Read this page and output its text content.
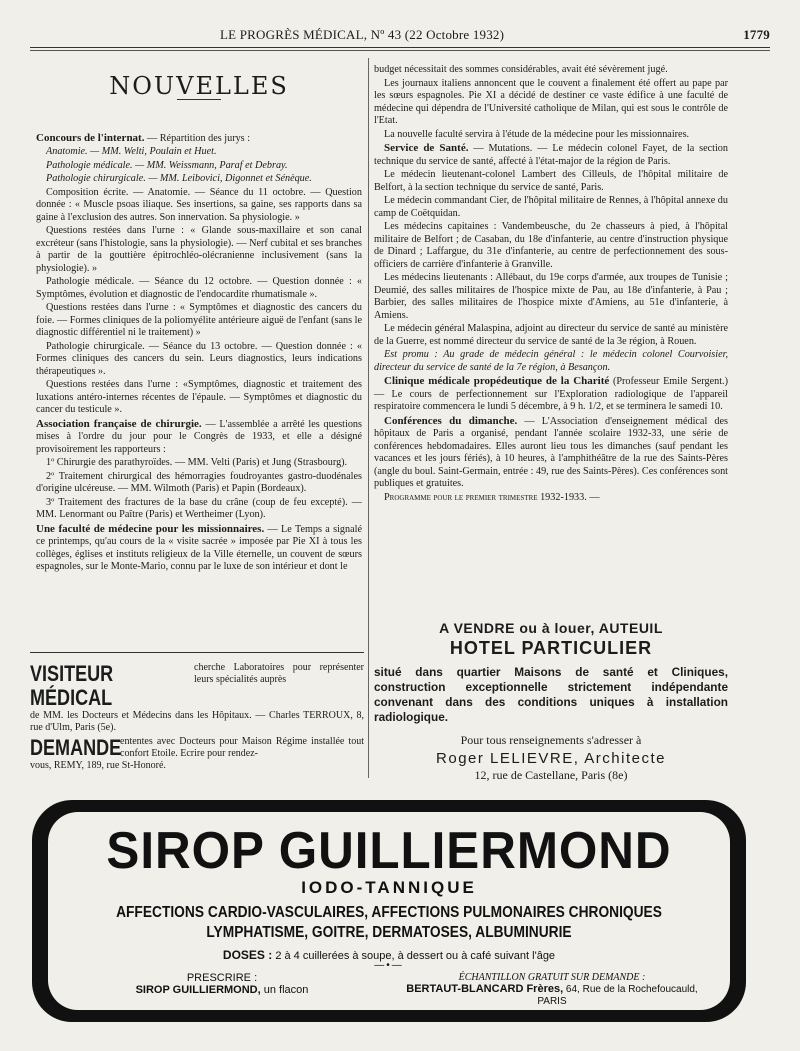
LE PROGRÈS MÉDICAL, Nº 43 (22 Octobre 1932)	1779
NOUVELLES

Concours de l'internat. — Répartition des jurys :

Anatomie. — MM. Welti, Poulain et Huet.

Pathologie médicale. — MM. Weissmann, Paraf et Debray.

Pathologie chirurgicale. — MM. Leibovici, Digonnet et Sénèque.

Composition écrite. — Anatomie. — Séance du 11 octobre. — Question donnée : « Muscle psoas iliaque. Ses insertions, sa gaine, ses rapports dans sa gaine à l'exclusion des autres. Son innervation. Sa physiologie. »

Questions restées dans l'urne : « Glande sous-maxillaire et son canal excréteur (sans l'histologie, sans la physiologie). — Nerf cubital et ses branches à partir de la gouttière épitrochléo-olécranienne inclusivement (sans la physiologie). »

Pathologie médicale. — Séance du 12 octobre. — Question donnée : « Symptômes, évolution et diagnostic de l'endocardite rhumatismale ».

Questions restées dans l'urne : « Symptômes et diagnostic des cancers du foie. — Formes cliniques de la poliomyélite antérieure aiguë de l'enfant (sans le diagnostic différentiel ni le traitement) »

Pathologie chirurgicale. — Séance du 13 octobre. — Question donnée : « Formes cliniques des cancers du sein. Leurs diagnostics, leurs indications thérapeutiques ».

Questions restées dans l'urne : «Symptômes, diagnostic et traitement des luxations antéro-internes récentes de l'épaule. — Symptômes et diagnostic du cancer du testicule ».

Association française de chirurgie. — L'assemblée a arrêté les questions mises à l'ordre du jour pour le Congrès de 1933, et elle a désigné provisoirement les rapporteurs :

1º Chirurgie des parathyroïdes. — MM. Velti (Paris) et Jung (Strasbourg).

2º Traitement chirurgical des hémorragies foudroyantes gastro-duodénales d'origine ulcéreuse. — MM. Wilmoth (Paris) et Papin (Bordeaux).

3º Traitement des fractures de la base du crâne (coup de feu excepté). — MM. Lenormant ou Paître (Paris) et Wertheimer (Lyon).

Une faculté de médecine pour les missionnaires. — Le Temps a signalé ce printemps, qu'au cours de la « visite sacrée » imposée par Pie XI à tous les collèges, églises et instituts religieux de la Ville éternelle, un couvent de sœurs espagnoles, sur le Monte-Mario, connu par le luxe de son intérieur et dont le

budget nécessitait des sommes considérables, avait été sévèrement jugé.

Les journaux italiens annoncent que le couvent a finalement été offert au pape par les sœurs espagnoles. Pie XI a décidé de destiner ce vaste édifice à une faculté de médecine qui dépendra de l'Université catholique de Milan, qui est sous le contrôle de l'Etat.

La nouvelle faculté servira à l'étude de la médecine pour les missionnaires.

Service de Santé. — Mutations. — Le médecin colonel Fayet, de la section technique du service de santé, affecté à l'état-major de la région de Paris.

Le médecin lieutenant-colonel Lambert des Cilleuls, de l'hôpital militaire de Belfort, à la section technique du service de santé, Paris.

Le médecin commandant Cier, de l'hôpital militaire de Rennes, à l'hôpital annexe du camp de Coëtquidan.

Les médecins capitaines : Vandembeusche, du 2e chasseurs à pied, à l'hôpital militaire de Belfort ; de Casaban, du 18e d'infanterie, au centre d'instruction physique de Dinard ; Laffargue, du 31e d'infanterie, au centre de perfectionnement des sous-officiers de carrière d'infanterie à Granville.

Les médecins lieutenants : Allébaut, du 19e corps d'armée, aux troupes de Tunisie ; Deumié, des salles militaires de l'hospice mixte de Pau, au 18e d'infanterie, à Pau ; Barbier, des salles militaires de l'hospice mixte d'Amiens, au 51e d'infanterie, à Amiens.

Le médecin général Malaspina, adjoint au directeur du service de santé au ministère de la Guerre, est nommé directeur du service de santé de la 3e région, à Rouen.

Est promu : Au grade de médecin général : le médecin colonel Courvoisier, directeur du service de santé de la 7e région, à Besançon.

Clinique médicale propédeutique de la Charité (Professeur Emile Sergent.) — Le cours de perfectionnement sur l'Exploration radiologique de l'appareil respiratoire commencera le lundi 5 décembre, à 9 h. 1/2, et se terminera le samedi 10.

Conférences du dimanche. — L'Association d'enseignement médical des hôpitaux de Paris a organisé, pendant l'année scolaire 1932-33, une série de conférences hebdomadaires. Elles auront lieu tous les dimanches (sauf pendant les vacances et les jours fériés), à 10 heures, à l'amphithéâtre de la rue des Saints-Pères (angle du boul. Saint-Germain, entrée : 49, rue des Saints-Pères). Ces conférences sont publiques et gratuites.

Programme pour le premier trimestre 1932-1933. —

A VENDRE ou à louer, AUTEUIL
HOTEL PARTICULIER
situé dans quartier Maisons de santé et Cliniques, construction exceptionnelle strictement indépendante convenant dans des conditions uniques à installation radiologique.
Pour tous renseignements s'adresser à
Roger LELIEVRE, Architecte
12, rue de Castellane, Paris (8e)
VISITEUR MÉDICAL
cherche Laboratoires pour représenter leurs spécialités auprès
de MM. les Docteurs et Médecins dans les Hôpitaux. — Charles TERROUX, 8, rue d'Ulm, Paris (5e).
DEMANDE
ententes avec Docteurs pour Maison Régime installée tout confort Etoile. Ecrire pour rendez-
vous, REMY, 189, rue St-Honoré.
SIROP GUILLIERMOND
IODO-TANNIQUE
AFFECTIONS CARDIO-VASCULAIRES, AFFECTIONS PULMONAIRES CHRONIQUES
LYMPHATISME, GOITRE, DERMATOSES, ALBUMINURIE
DOSES : 2 à 4 cuillerées à soupe, à dessert ou à café suivant l'âge
—•—
PRESCRIRE :
SIROP GUILLIERMOND, un flacon
ÉCHANTILLON GRATUIT SUR DEMANDE :
BERTAUT-BLANCARD Frères, 64, Rue de la Rochefoucauld, PARIS
